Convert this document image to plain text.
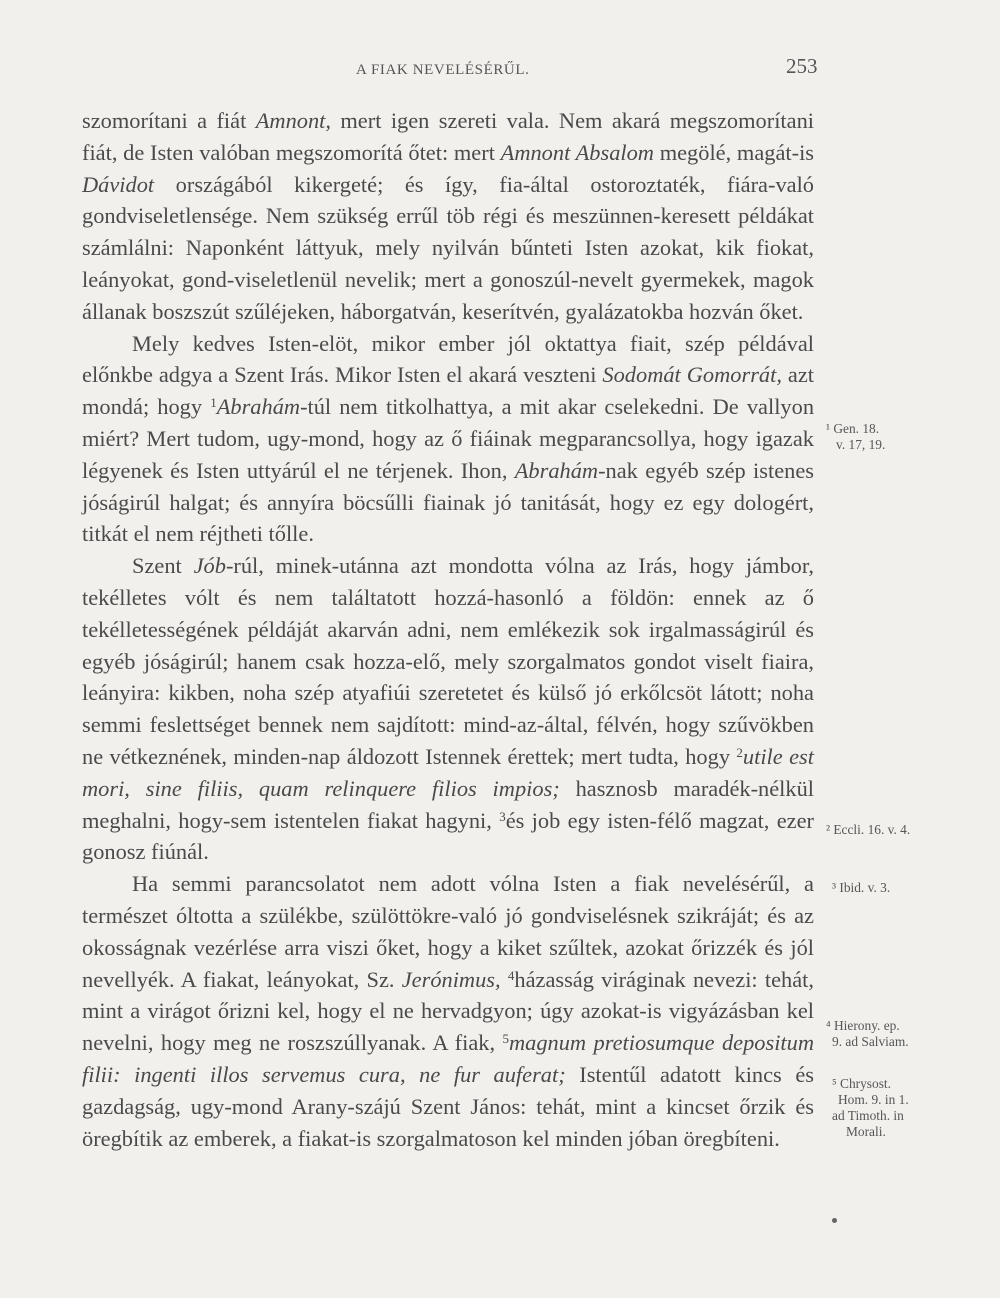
A FIAK NEVELÉSÉRŰL.	253

szomorítani a fiát Amnont, mert igen szereti vala. Nem akará megszomorítani fiát, de Isten valóban megszomorítá őtet: mert Amnont Absalom megölé, magát-is Dávidot országából kikergeté; és így, fia-által ostoroztaték, fiára-való gondviseletlensége. Nem szükség errűl töb régi és meszünnen-keresett példákat számlálni: Naponként láttyuk, mely nyilván bűnteti Isten azokat, kik fiokat, leányokat, gond-viseletlenül nevelik; mert a gonoszúl-nevelt gyermekek, magok állanak boszszút szűléjeken, háborgatván, keserítvén, gyalázatokba hozván őket.

Mely kedves Isten-elöt, mikor ember jól oktattya fiait, szép példával előnkbe adgya a Szent Irás. Mikor Isten el akará veszteni Sodomát Gomorrát, azt mondá; hogy $^1$Abrahám-túl nem titkolhattya, a mit akar cselekedni. De vallyon miért? Mert tudom, ugy-mond, hogy az ő fiáinak megparancsollya, hogy igazak légyenek és Isten uttyárúl el ne térjenek. Ihon, Abrahám-nak egyéb szép istenes jóságirúl halgat; és annyíra böcsűlli fiainak jó tanitását, hogy ez egy dologért, titkát el nem réjtheti tőlle.

Szent Jób-rúl, minek-utánna azt mondotta vólna az Irás, hogy jámbor, tekélletes vólt és nem találtatott hozzá-hasonló a földön: ennek az ő tekélletességének példáját akarván adni, nem emlékezik sok irgalmasságirúl és egyéb jóságirúl; hanem csak hozza-elő, mely szorgalmatos gondot viselt fiaira, leányira: kikben, noha szép atyafiúi szeretetet és külső jó erkőlcsöt látott; noha semmi feslettséget bennek nem sajdított: mind-az-által, félvén, hogy szűvökben ne vétkeznének, minden-nap áldozott Istennek érettek; mert tudta, hogy $^2$utile est mori, sine filiis, quam relinquere filios impios; hasznosb maradék-nélkül meghalni, hogy-sem istentelen fiakat hagyni, $^3$és job egy isten-félő magzat, ezer gonosz fiúnál.

Ha semmi parancsolatot nem adott vólna Isten a fiak nevelésérűl, a természet óltotta a szülékbe, szülöttökre-való jó gondviselésnek szikráját; és az okosságnak vezérlése arra viszi őket, hogy a kiket szűltek, azokat őrizzék és jól nevellyék. A fiakat, leányokat, Sz. Jerónimus, $^4$házasság viráginak nevezi: tehát, mint a virágot őrizni kel, hogy el ne hervadgyon; úgy azokat-is vigyázásban kel nevelni, hogy meg ne roszszúllyanak. A fiak, $^5$magnum pretiosumque depositum filii: ingenti illos servemus cura, ne fur auferat; Istentűl adatott kincs és gazdagság, ugy-mond Arany-szájú Szent János: tehát, mint a kincset őrzik és öregbítik az emberek, a fiakat-is szorgalmatoson kel minden jóban öregbíteni.

¹ Gen. 18.
v. 17, 19.
² Eccli. 16. v. 4.
³ Ibid. v. 3.
⁴ Hierony. ep.
9. ad Salviam.
⁵ Chrysost.
Hom. 9. in 1.
ad Timoth. in
Morali.
